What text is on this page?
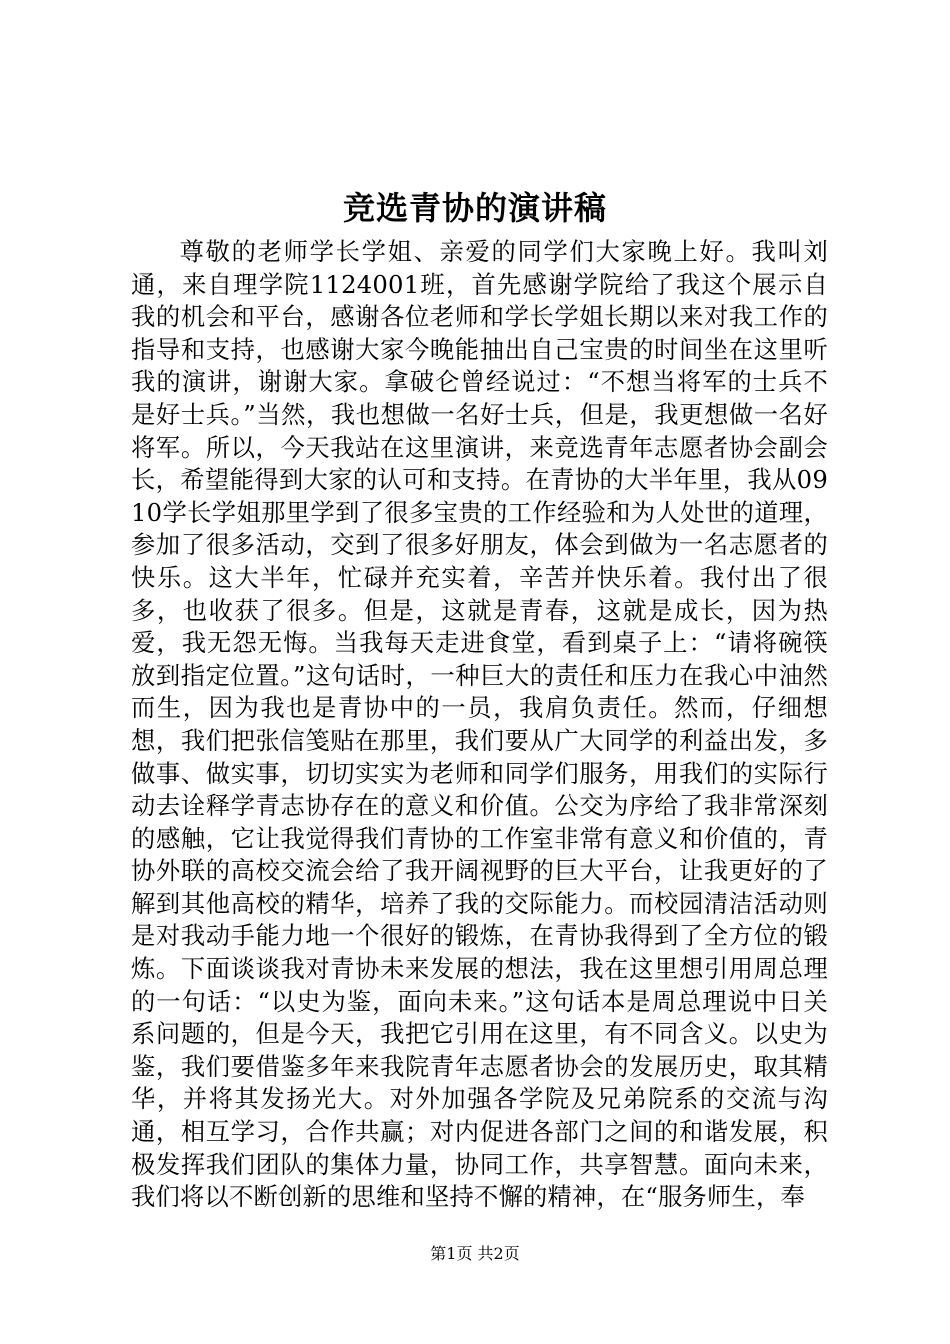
竞选青协的演讲稿

尊敬的老师学长学姐、亲爱的同学们大家晚上好。我叫刘通，来自理学院1124001班，首先感谢学院给了我这个展示自我的机会和平台，感谢各位老师和学长学姐长期以来对我工作的指导和支持，也感谢大家今晚能抽出自己宝贵的时间坐在这里听我的演讲，谢谢大家。拿破仑曾经说过：“不想当将军的士兵不是好士兵。”当然，我也想做一名好士兵，但是，我更想做一名好将军。所以，今天我站在这里演讲，来竞选青年志愿者协会副会长，希望能得到大家的认可和支持。在青协的大半年里，我从0910学长学姐那里学到了很多宝贵的工作经验和为人处世的道理，参加了很多活动，交到了很多好朋友，体会到做为一名志愿者的快乐。这大半年，忙碌并充实着，辛苦并快乐着。我付出了很多，也收获了很多。但是，这就是青春，这就是成长，因为热爱，我无怨无悔。当我每天走进食堂，看到桌子上：“请将碗筷放到指定位置。”这句话时，一种巨大的责任和压力在我心中油然而生，因为我也是青协中的一员，我肩负责任。然而，仔细想想，我们把张信笺贴在那里，我们要从广大同学的利益出发，多做事、做实事，切切实实为老师和同学们服务，用我们的实际行动去诠释学青志协存在的意义和价值。公交为序给了我非常深刻的感触，它让我觉得我们青协的工作室非常有意义和价值的，青协外联的高校交流会给了我开阔视野的巨大平台，让我更好的了解到其他高校的精华，培养了我的交际能力。而校园清洁活动则是对我动手能力地一个很好的锻炼，在青协我得到了全方位的锻炼。下面谈谈我对青协未来发展的想法，我在这里想引用周总理的一句话：“以史为鉴，面向未来。”这句话本是周总理说中日关系问题的，但是今天，我把它引用在这里，有不同含义。以史为鉴，我们要借鉴多年来我院青年志愿者协会的发展历史，取其精华，并将其发扬光大。对外加强各学院及兄弟院系的交流与沟通，相互学习，合作共赢；对内促进各部门之间的和谐发展，积极发挥我们团队的集体力量，协同工作，共享智慧。面向未来，我们将以不断创新的思维和坚持不懈的精神，在“服务师生，奉

第1页 共2页
